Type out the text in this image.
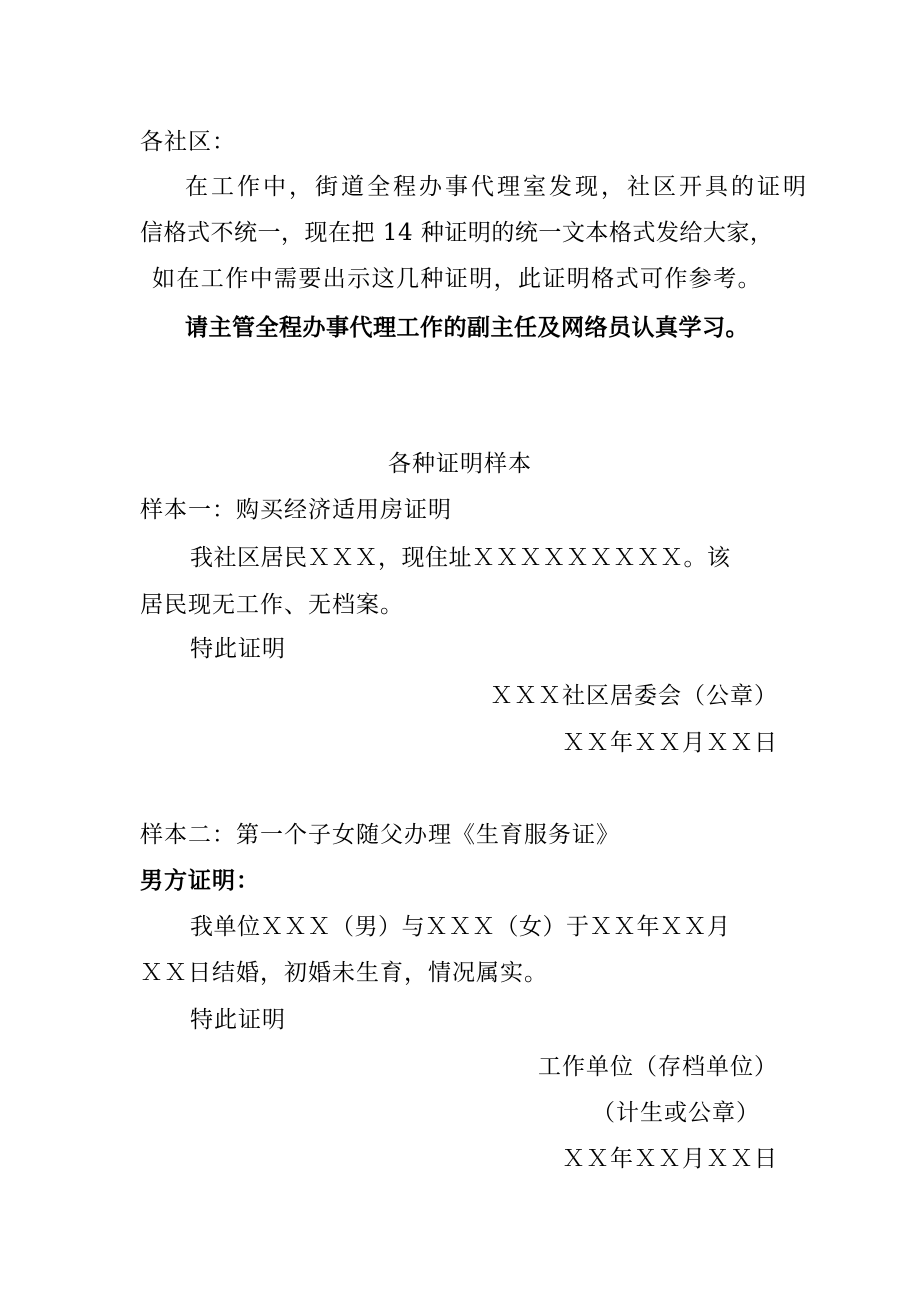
各社区：
在工作中，街道全程办事代理室发现，社区开具的证明
信格式不统一，现在把 14 种证明的统一文本格式发给大家，
如在工作中需要出示这几种证明，此证明格式可作参考。
请主管全程办事代理工作的副主任及网络员认真学习。
各种证明样本
样本一：购买经济适用房证明
我社区居民ＸＸＸ，现住址ＸＸＸＸＸＸＸＸＸ。该
居民现无工作、无档案。
特此证明
ＸＸＸ社区居委会（公章）
ＸＸ年ＸＸ月ＸＸ日
样本二：第一个子女随父办理《生育服务证》
男方证明：
我单位ＸＸＸ（男）与ＸＸＸ（女）于ＸＸ年ＸＸ月
ＸＸ日结婚，初婚未生育，情况属实。
特此证明
工作单位（存档单位）
（计生或公章）
ＸＸ年ＸＸ月ＸＸ日
